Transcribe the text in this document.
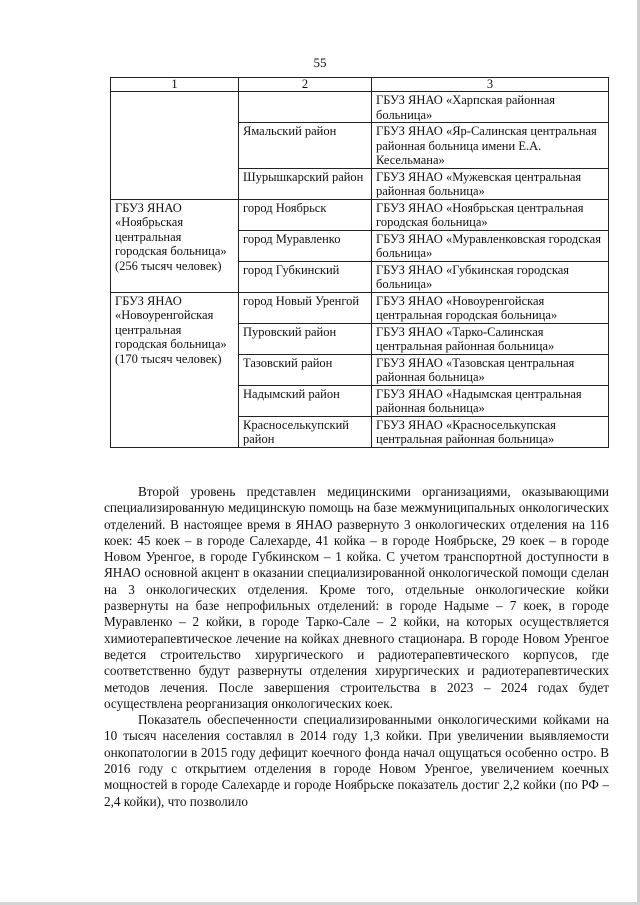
55
1	2	3
		ГБУЗ ЯНАО «Харпская районная больница»
	Ямальский район	ГБУЗ ЯНАО «Яр-Салинская центральная районная больница имени Е.А. Кесельмана»
	Шурышкарский район	ГБУЗ ЯНАО «Мужевская центральная районная больница»
ГБУЗ ЯНАО «Ноябрьская центральная городская больница» (256 тысяч человек)	город Ноябрьск	ГБУЗ ЯНАО «Ноябрьская центральная городская больница»
	город Муравленко	ГБУЗ ЯНАО «Муравленковская городская больница»
	город Губкинский	ГБУЗ ЯНАО «Губкинская городская больница»
ГБУЗ ЯНАО «Новоуренгойская центральная городская больница» (170 тысяч человек)	город Новый Уренгой	ГБУЗ ЯНАО «Новоуренгойская центральная городская больница»
	Пуровский район	ГБУЗ ЯНАО «Тарко-Салинская центральная районная больница»
	Тазовский район	ГБУЗ ЯНАО «Тазовская центральная районная больница»
	Надымский район	ГБУЗ ЯНАО «Надымская центральная районная больница»
	Красноселькупский район	ГБУЗ ЯНАО «Красноселькупская центральная районная больница»

Второй уровень представлен медицинскими организациями, оказывающими специализированную медицинскую помощь на базе межмуниципальных онкологических отделений. В настоящее время в ЯНАО развернуто 3 онкологических отделения на 116 коек: 45 коек – в городе Салехарде, 41 койка – в городе Ноябрьске, 29 коек – в городе Новом Уренгое, в городе Губкинском – 1 койка. С учетом транспортной доступности в ЯНАО основной акцент в оказании специализированной онкологической помощи сделан на 3 онкологических отделения. Кроме того, отдельные онкологические койки развернуты на базе непрофильных отделений: в городе Надыме – 7 коек, в городе Муравленко – 2 койки, в городе Тарко-Сале – 2 койки, на которых осуществляется химиотерапевтическое лечение на койках дневного стационара. В городе Новом Уренгое ведется строительство хирургического и радиотерапевтического корпусов, где соответственно будут развернуты отделения хирургических и радиотерапевтических методов лечения. После завершения строительства в 2023 – 2024 годах будет осуществлена реорганизация онкологических коек.

Показатель обеспеченности специализированными онкологическими койками на 10 тысяч населения составлял в 2014 году 1,3 койки. При увеличении выявляемости онкопатологии в 2015 году дефицит коечного фонда начал ощущаться особенно остро. В 2016 году с открытием отделения в городе Новом Уренгое, увеличением коечных мощностей в городе Салехарде и городе Ноябрьске показатель достиг 2,2 койки (по РФ – 2,4 койки), что позволило
